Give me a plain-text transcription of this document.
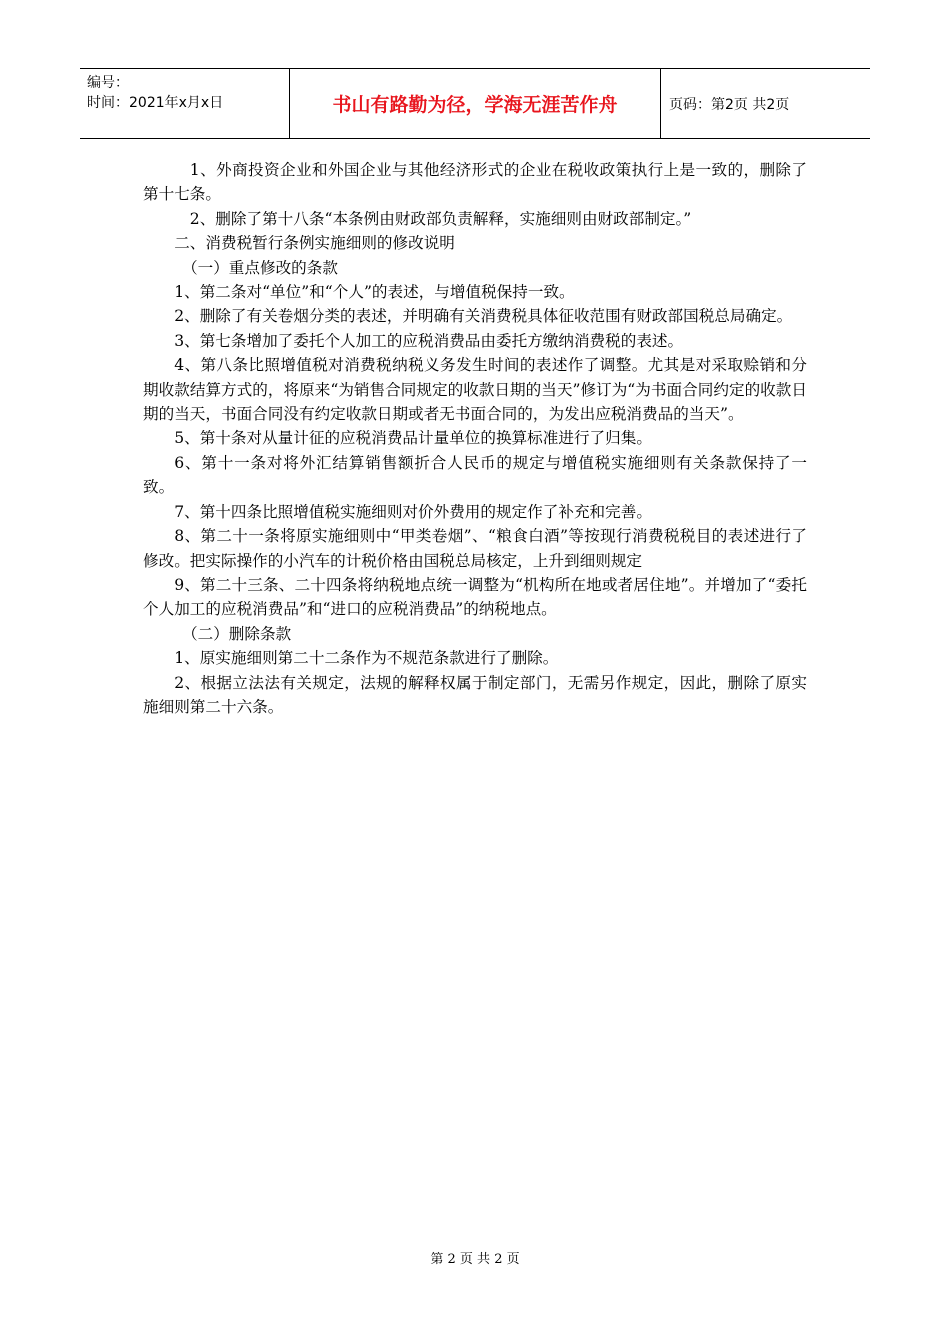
编号：
时间：2021年x月x日	书山有路勤为径，学海无涯苦作舟	页码：第2页 共2页

1、外商投资企业和外国企业与其他经济形式的企业在税收政策执行上是一致的，删除了第十七条。

2、删除了第十八条“本条例由财政部负责解释，实施细则由财政部制定。”

二、消费税暂行条例实施细则的修改说明

（一）重点修改的条款

1、第二条对“单位”和“个人”的表述，与增值税保持一致。

2、删除了有关卷烟分类的表述，并明确有关消费税具体征收范围有财政部国税总局确定。

3、第七条增加了委托个人加工的应税消费品由委托方缴纳消费税的表述。

4、第八条比照增值税对消费税纳税义务发生时间的表述作了调整。尤其是对采取赊销和分期收款结算方式的，将原来“为销售合同规定的收款日期的当天”修订为“为书面合同约定的收款日期的当天，书面合同没有约定收款日期或者无书面合同的，为发出应税消费品的当天”。

5、第十条对从量计征的应税消费品计量单位的换算标准进行了归集。

6、第十一条对将外汇结算销售额折合人民币的规定与增值税实施细则有关条款保持了一致。

7、第十四条比照增值税实施细则对价外费用的规定作了补充和完善。

8、第二十一条将原实施细则中“甲类卷烟”、“粮食白酒”等按现行消费税税目的表述进行了修改。把实际操作的小汽车的计税价格由国税总局核定，上升到细则规定

9、第二十三条、二十四条将纳税地点统一调整为“机构所在地或者居住地”。并增加了“委托个人加工的应税消费品”和“进口的应税消费品”的纳税地点。

（二）删除条款

1、原实施细则第二十二条作为不规范条款进行了删除。

2、根据立法法有关规定，法规的解释权属于制定部门，无需另作规定，因此，删除了原实施细则第二十六条。

第 2 页 共 2 页
